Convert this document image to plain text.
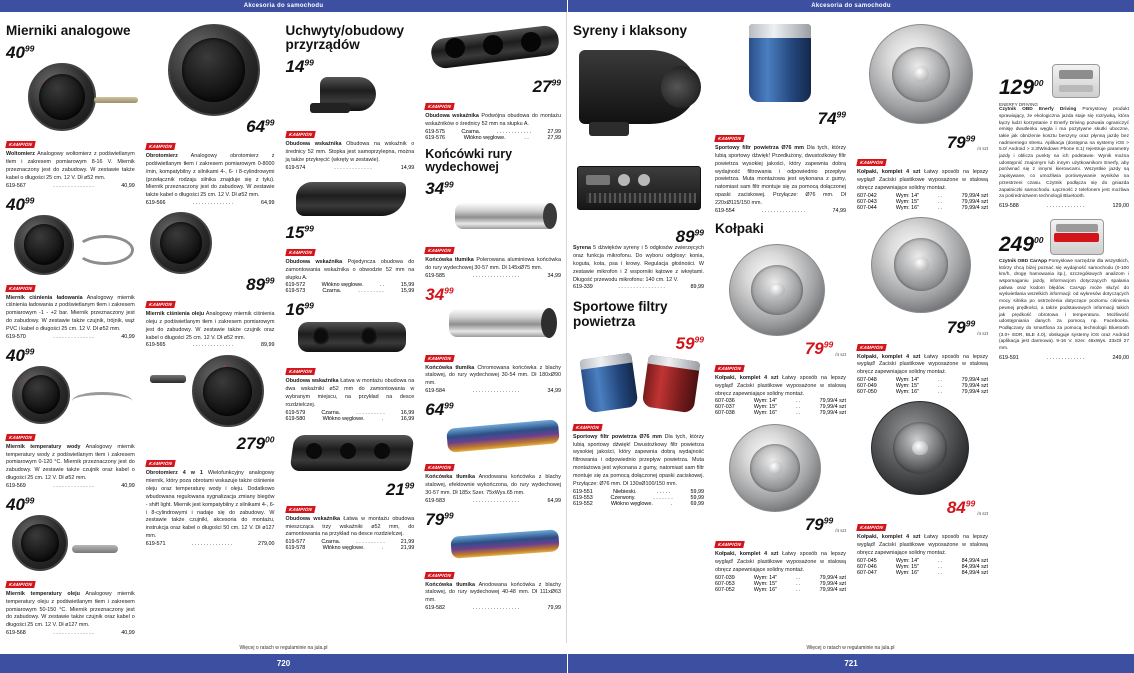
Akcesoria do samochodu	Akcesoria do samochodu
Mierniki analogowe
$40^{99}$
KAMPION
Woltomierz Analogowy woltomierz z podświetlanym tłem i zakresem pomiarowym 8-16 V. Miernik przeznaczony jest do zabudowy. W zestawie także kabel o długości 25 cm. 12 V. Dł ø52 mm.
619-567	. . . . . . . . . . . . . .	40,99
$40^{99}$
KAMPION
Miernik ciśnienia ładowania Analogowy miernik ciśnienia ładowania z podświetlanym tłem i zakresem pomiarowym -1 - +2 bar. Miernik przeznaczony jest do zabudowy. W zestawie także czujnik, trójnik, wąż PVC i kabel o długości 25 cm. 12 V. Dł ø52 mm.
619-570	. . . . . . . . . . . . . .	40,99
$40^{99}$
KAMPION
Miernik temperatury wody Analogowy miernik temperatury wody z podświetlanym tłem i zakresem pomiarowym 0-120 °C. Miernik przeznaczony jest do zabudowy. W zestawie także czujnik oraz kabel o długości 25 cm. 12 V. Dł ø52 mm.
619-569	. . . . . . . . . . . . . .	40,99
$40^{99}$
KAMPION
Miernik temperatury oleju Analogowy miernik temperatury oleju z podświetlanym tłem i zakresem pomiarowym 50-150 °C. Miernik przeznaczony jest do zabudowy. W zestawie także czujnik oraz kabel o długości 25 cm. 12 V. Dł ø127 mm.
619-568	. . . . . . . . . . . . . .	40,99
$64^{99}$
KAMPION
Obrotomierz Analogowy obrotomierz z podświetlanym tłem i zakresem pomiarowym 0-8000 /min, kompatybilny z silnikami 4-, 6- i 8-cylindrowymi (przełącznik rodzaju silnika znajduje się z tyłu). Miernik przeznaczony jest do zabudowy. W zestawie także kabel o długości 25 cm. 12 V. Dł ø52 mm.
619-566	. . . . . . . . . . . . . .	64,99
$89^{99}$
KAMPION
Miernik ciśnienia oleju Analogowy miernik ciśnienia oleju z podświetlanym tłem i zakresem pomiarowym jest do zabudowy. W zestawie także czujnik oraz kabel o długości 25 cm. 12 V. Dł ø52 mm.
619-565	. . . . . . . . . . . . . .	89,99
$279^{00}$
KAMPION
Obrotomierz 4 w 1 Wielofunkcyjny analogowy miernik, który poza obrotami wskazuje także ciśnienie oleju oraz temperaturę wody i oleju. Dodatkowo wbudowana regulowana sygnalizacja zmiany biegów - shift light. Miernik jest kompatybilny z silnikami 4-, 6- i 8-cylindrowymi i nadaje się do zabudowy. W zestawie także czujniki, akcesoria do montażu, instrukcja oraz kabel o długości 50 cm. 12 V. Dł ø127 mm.
619-571	. . . . . . . . . . . . . .	279,00
Uchwyty/obudowy przyrządów
$14^{99}$
KAMPION
Obudowa wskaźnika Obudowa na wskaźnik o średnicy 52 mm. Stopka jest samoprzylepna, można ją także przykręcić (wkręty w zestawie).
619-574	. . . . . . . . . . . . .	14,99
$15^{99}$
KAMPION
Obudowa wskaźnika Pojedyncza obudowa do zamontowania wskaźnika o obwodzie 52 mm na słupku A.
619-572	Włókno węglowe.	. .	15,99
619-573	Czarna.	. . . . . . . . .	15,99
$16^{99}$
KAMPION
Obudowa wskaźnika Łatwa w montażu obudowa na dwa wskaźniki ø52 mm do zamontowania w wybranym miejscu, na przykład na desce rozdzielczej.
619-579	Czarna.	. . . . . . . . . .	16,99
619-580	Włókno węglowe.	.	16,99
$21^{99}$
KAMPION
Obudowa wskaźnika Łatwa w montażu obudowa mieszcząca trzy wskaźniki ø52 mm, do zamontowania na przykład na desce rozdzielczej.
619-577	Czarna.	. . . . . . . . . .	21,99
619-578	Włókno węglowe.	.	21,99
$27^{99}$
KAMPION
Obudowa wskaźnika Podwójna obudowa do montażu wskaźników o średnicy 52 mm na słupku A.
619-575	Czarna.	. . . . . . . . . . . .	27,99
619-576	Włókno węglowe.	. .	27,99
Końcówki rury wydechowej
$34^{99}$
KAMPION
Końcówka tłumika Polerowana aluminiowa końcówka do rury wydechowej 30-57 mm. Dł 145xØ75 mm.
619-585	. . . . . . . . . . . . . . . .	34,99
$34^{99}$
KAMPION
Końcówka tłumika Chromowana końcówka z blachy stalowej, do rury wydechowej 30-54 mm. Dł 180xØ90 mm.
619-584	. . . . . . . . . . . . . . . .	34,99
$64^{99}$
KAMPION
Końcówka tłumika Anodowana końcówka z blachy stalowej, efektownie wykończona, do rury wydechowej 30-57 mm. Dł 185x Szer. 75xWys.65 mm.
619-583	. . . . . . . . . . . . . . . .	64,99
$79^{99}$
KAMPION
Końcówka tłumika Anodowana końcówka z blachy stalowej, do rury wydechowej 40-48 mm. Dł 111xØ63 mm.
619-582	. . . . . . . . . . . . . . . .	79,99
Syreny i klaksony
$89^{99}$
Syrena 5 dźwięków syreny i 5 odgłosów zwierzęcych oraz funkcja mikrofonu. Do wyboru odgłosy: konia, koguta, kota, psa i krowy. Regulacja głośności. W zestawie mikrofon i 2 wsporniki kątowe z wkrętami. Długość przewodu mikrofonu: 140 cm. 12 V.
619-339	. . . . . . . . . . . . . . . .	89,99
Sportowe filtry powietrza
$59^{99}$
KAMPION
Sportowy filtr powietrza Ø76 mm Dla tych, którzy lubią sportowy dźwięk! Dwustożkowy filtr powietrza wysokiej jakości, który zapewnia dobrą wydajność filtrowania i odpowiednio przepływ powietrza. Muta montażowa jest wykonana z gumy, natomiast sam filtr montuje się za pomocą dołączonej opaski zaciskowej. Przyłącze: Ø76 mm. Dł 130xØ100/150 mm.
619-551	Niebieski.	. . . . .	59,99
619-553	Czerwony.	. . . . . . .	59,99
619-552	Włókno węglowe.	.	69,99
$74^{99}$
KAMPION
Sportowy filtr powietrza Ø76 mm Dla tych, którzy lubią sportowy dźwięk! Przedłużony, dwustożkowy filtr powietrza wysokiej jakości, który zapewnia dobrą wydajność filtrowania i odpowiednio przepływ powietrza. Muta montażowa jest wykonana z gumy, natomiast sam filtr montuje się za pomocą dołączonej opaski zaciskowej. Przyłącze: Ø76 mm. Dł 220xØ115/150 mm.
619-554	. . . . . . . . . . . . . . .	74,99
Kołpaki
$79^{99}$
/4 szt
KAMPION
Kołpaki, komplet 4 szt Łatwy sposób na lepszy wygląd! Zaciski plastikowe wyposażone w stalową obręcz zapewniające solidny montaż.
607-036	Wym: 14"	. .	79,99/4 szt
607-037	Wym: 15"	. .	79,99/4 szt
607-038	Wym: 16"	. .	79,99/4 szt
$79^{99}$
/4 szt
KAMPION
Kołpaki, komplet 4 szt Łatwy sposób na lepszy wygląd! Zaciski plastikowe wyposażone w stalową obręcz zapewniające solidny montaż.
607-039	Wym: 14"	. .	79,99/4 szt
607-053	Wym: 15"	. .	79,99/4 szt
607-052	Wym: 16"	. .	79,99/4 szt
$79^{99}$
/4 szt
KAMPION
Kołpaki, komplet 4 szt Łatwy sposób na lepszy wygląd! Zaciski plastikowe wyposażone w stalową obręcz zapewniające solidny montaż.
607-042	Wym: 14"	. .	79,99/4 szt
607-043	Wym: 15"	. .	79,99/4 szt
607-044	Wym: 16"	. .	79,99/4 szt
$79^{99}$
/4 szt
KAMPION
Kołpaki, komplet 4 szt Łatwy sposób na lepszy wygląd! Zaciski plastikowe wyposażone w stalową obręcz zapewniające solidny montaż.
607-048	Wym: 14"	. .	79,99/4 szt
607-049	Wym: 15"	. .	79,99/4 szt
607-050	Wym: 16"	. .	79,99/4 szt
$84^{99}$
/4 szt
KAMPION
Kołpaki, komplet 4 szt Łatwy sposób na lepszy wygląd! Zaciski plastikowe wyposażone w stalową obręcz zapewniające solidny montaż.
607-045	Wym: 14"	. .	84,99/4 szt
607-046	Wym: 15"	. .	84,99/4 szt
607-047	Wym: 16"	. .	84,99/4 szt
$129^{00}$
ENERFY DRIVING
Czytnik OBD Enerfy Driving Pomystowy produkt sprawiający, że ekologiczna jazda staje się rozrywką, która łączy ludzi korzystanie z Enerfy Driving pozwala ograniczyć emisję dwutlenku węgla i ma pozytywne skutki uboczne, takie jak obniżenie kosztu benzyny oraz płynną jazdę bez nadmiernego stresu. Aplikacja (dostępna na systemy iOS > 5.0/ Android > 2.3/Windows Phone 8.1) rejestruje parametry jazdy i oblicza punkty na ich podstawie. Wynik można udostępnić znajomym lub innym użytkownikom Enerfy, aby porównać się z innymi kierowcami. Wszystkie jazdy są zapisywane, co umożliwia porównywanie wyników na przestrzeni czasu. Czytnik podłącza się do gniazda zapalniczki samochodu. Łączność z telefonem jest możliwa za pośrednictwem technologii Bluetooth.
619-588	. . . . . . . . . . . . .	129,00
$249^{00}$
Czytnik OBD CarApp Pomysłowe narzędzie dla wszystkich, którzy chcą biżej poznać się wydajność samochodu (0-100 km/h, drogę hamowania itp.), szczegółowych analizom i wspomaganiu jazdy, informacjom dotyczących spalania paliwa oraz kodom błędów. CarApp może służyć do wyświetlania wszelkich informacji: od wykresów dotyczących mocy silnika po ostrzeżenia dotyczące poziomu ciśnienia pewnej prędkości, a także podstawowych informacji takich jak prędkość obrotowa i temperatura. Możliwość udostępniania danych za pomocą np. Facebooka. Podłączany do smartfona za pomocą technologii Bluetooth (3.0+ EDR, BLE 4.0), obsługuje systemy iOS oraz Android (aplikacja jest darmowa). 9-16 V. Szer. 46xWys. 33xGł 27 mm.
619-591	. . . . . . . . . . . . .	249,00
Więcej o ratach w regulaminie na jula.pl	Więcej o ratach w regulaminie na jula.pl
720	721
